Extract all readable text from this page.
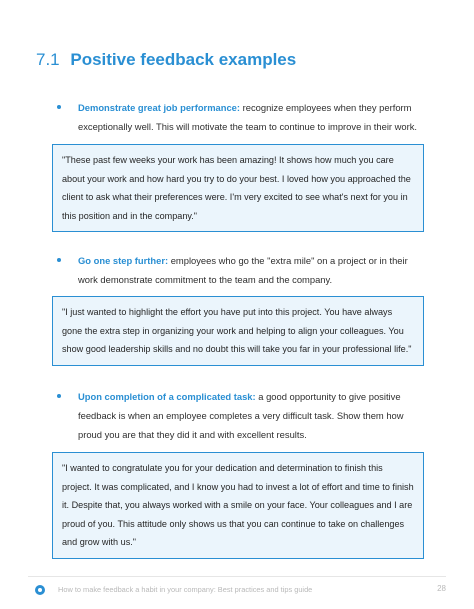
7.1 Positive feedback examples
Demonstrate great job performance: recognize employees when they perform exceptionally well. This will motivate the team to continue to improve in their work.
"These past few weeks your work has been amazing! It shows how much you care about your work and how hard you try to do your best. I loved how you approached the client to ask what their preferences were. I'm very excited to see what's next for you in this position and in the company."
Go one step further: employees who go the "extra mile" on a project or in their work demonstrate commitment to the team and the company.
"I just wanted to highlight the effort you have put into this project. You have always gone the extra step in organizing your work and helping to align your colleagues. You show good leadership skills and no doubt this will take you far in your professional life."
Upon completion of a complicated task: a good opportunity to give positive feedback is when an employee completes a very difficult task. Show them how proud you are that they did it and with excellent results.
"I wanted to congratulate you for your dedication and determination to finish this project. It was complicated, and I know you had to invest a lot of effort and time to finish it. Despite that, you always worked with a smile on your face. Your colleagues and I are proud of you. This attitude only shows us that you can continue to take on challenges and grow with us."
How to make feedback a habit in your company: Best practices and tips guide	28
